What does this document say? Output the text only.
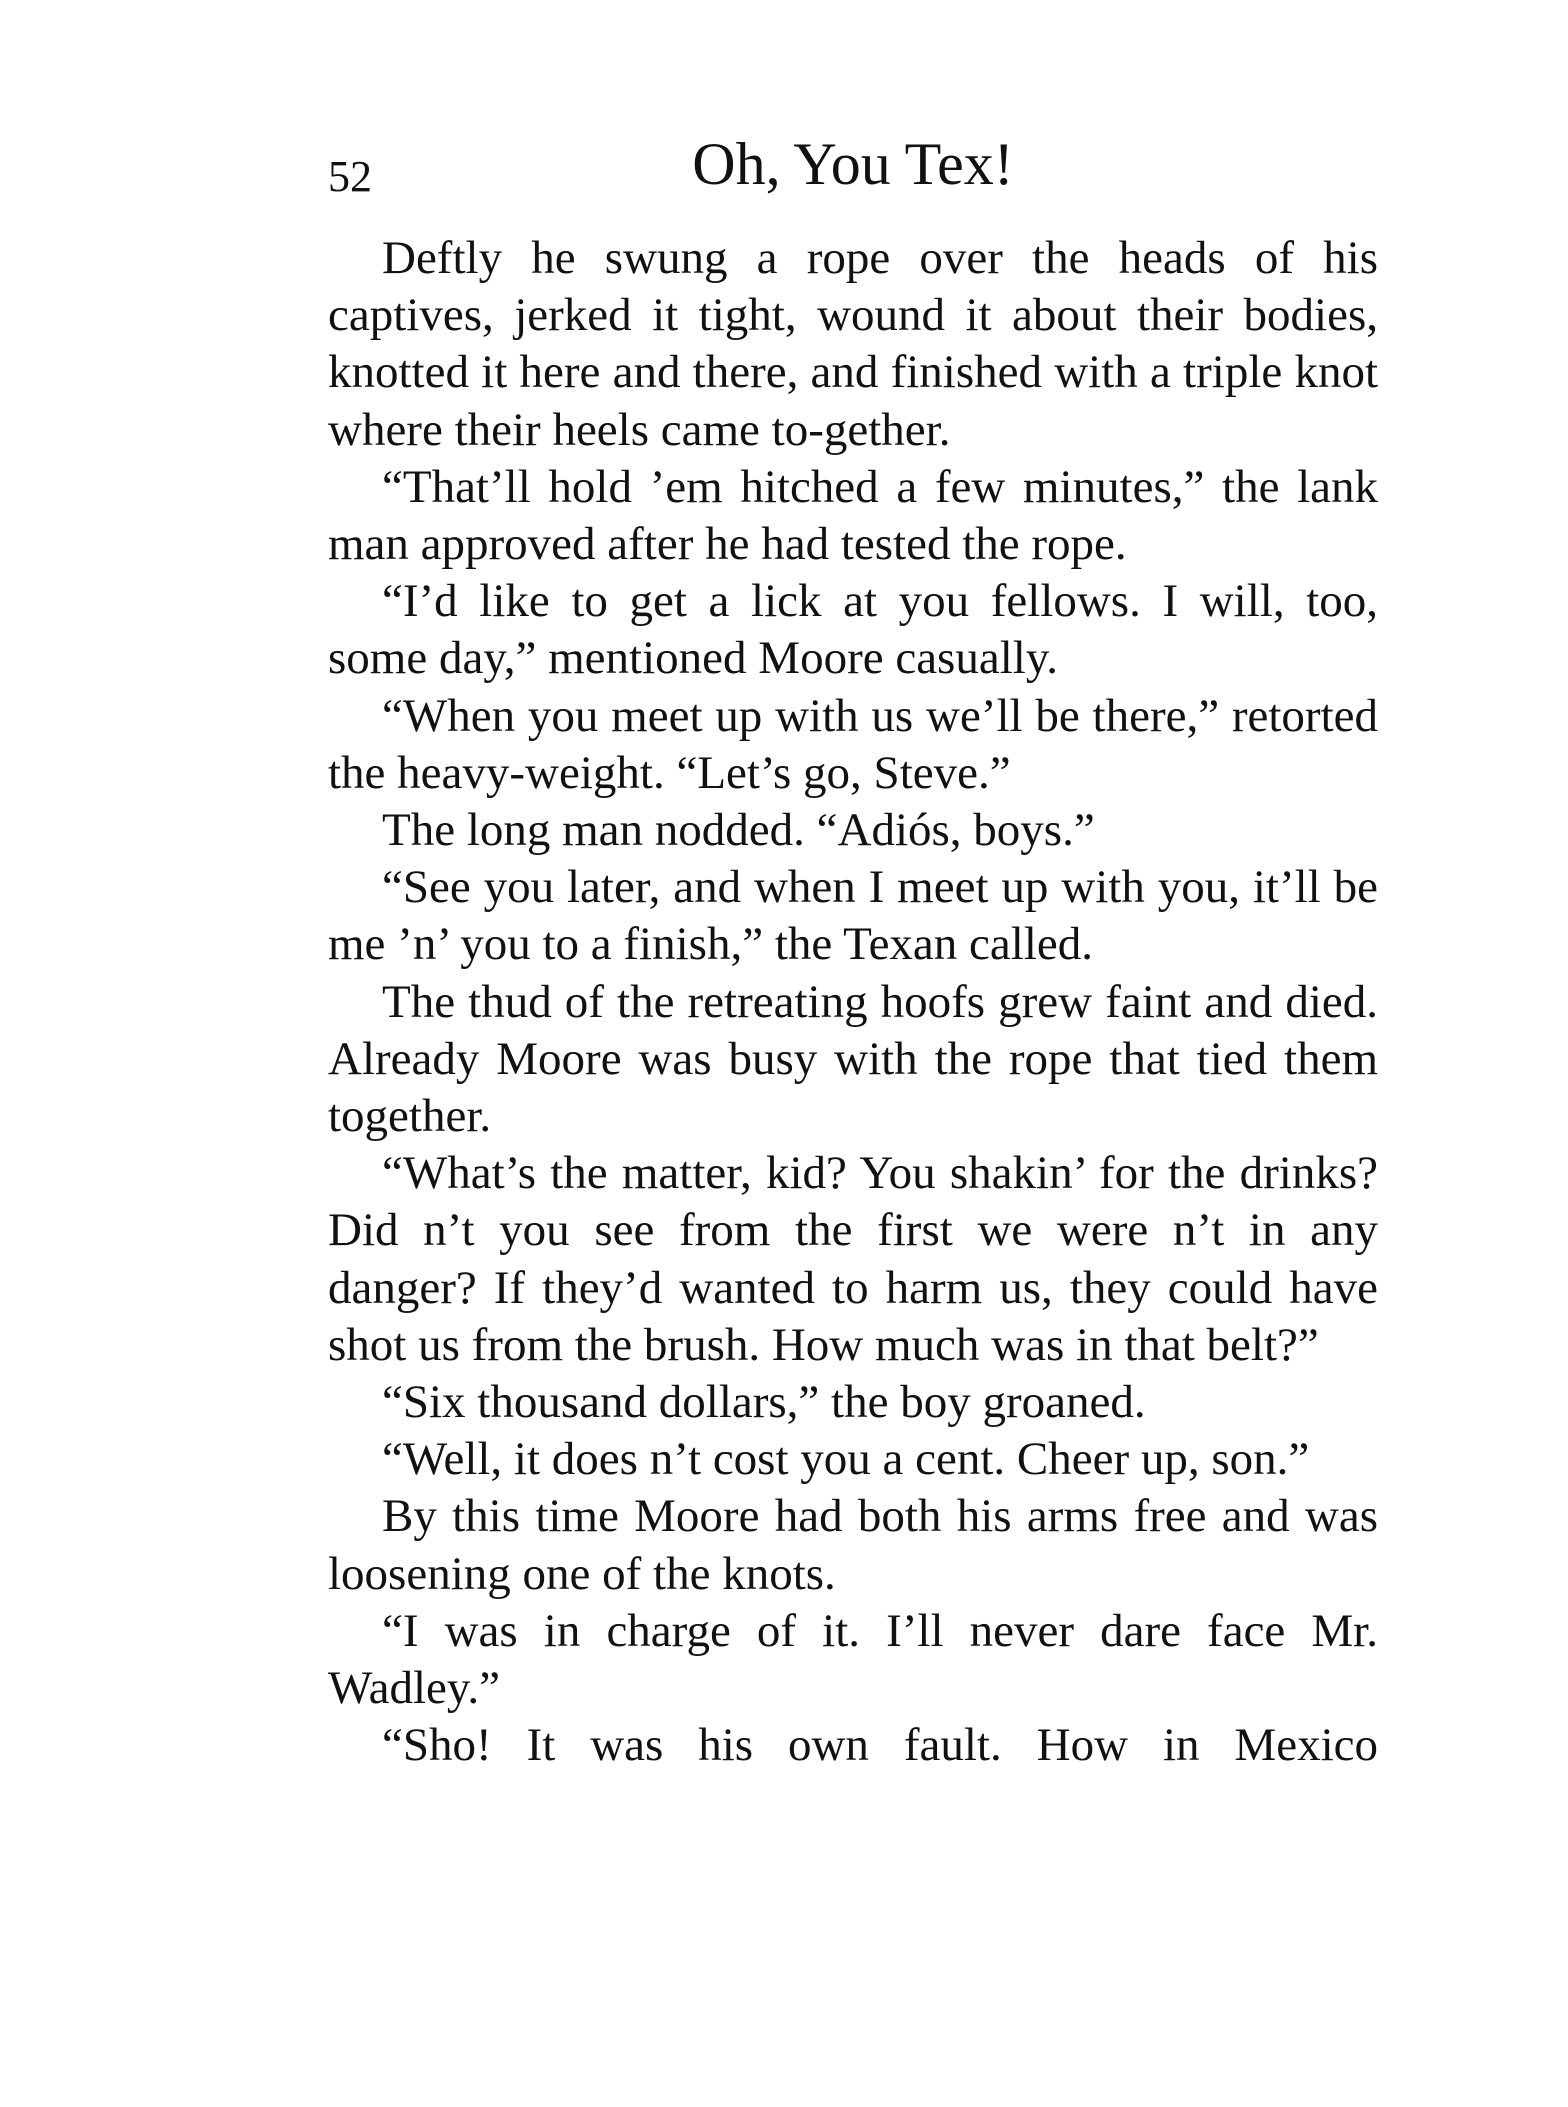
52	Oh, You Tex!

Deftly he swung a rope over the heads of his captives, jerked it tight, wound it about their bodies, knotted it here and there, and finished with a triple knot where their heels came to-gether.

“That’ll hold ’em hitched a few minutes,” the lank man approved after he had tested the rope.

“I’d like to get a lick at you fellows. I will, too, some day,” mentioned Moore casually.

“When you meet up with us we’ll be there,” retorted the heavy-weight. “Let’s go, Steve.”

The long man nodded. “Adiós, boys.”

“See you later, and when I meet up with you, it’ll be me ’n’ you to a finish,” the Texan called.

The thud of the retreating hoofs grew faint and died. Already Moore was busy with the rope that tied them together.

“What’s the matter, kid? You shakin’ for the drinks? Did n’t you see from the first we were n’t in any danger? If they’d wanted to harm us, they could have shot us from the brush. How much was in that belt?”

“Six thousand dollars,” the boy groaned.

“Well, it does n’t cost you a cent. Cheer up, son.”

By this time Moore had both his arms free and was loosening one of the knots.

“I was in charge of it. I’ll never dare face Mr. Wadley.”

“Sho! It was his own fault. How in Mexico
